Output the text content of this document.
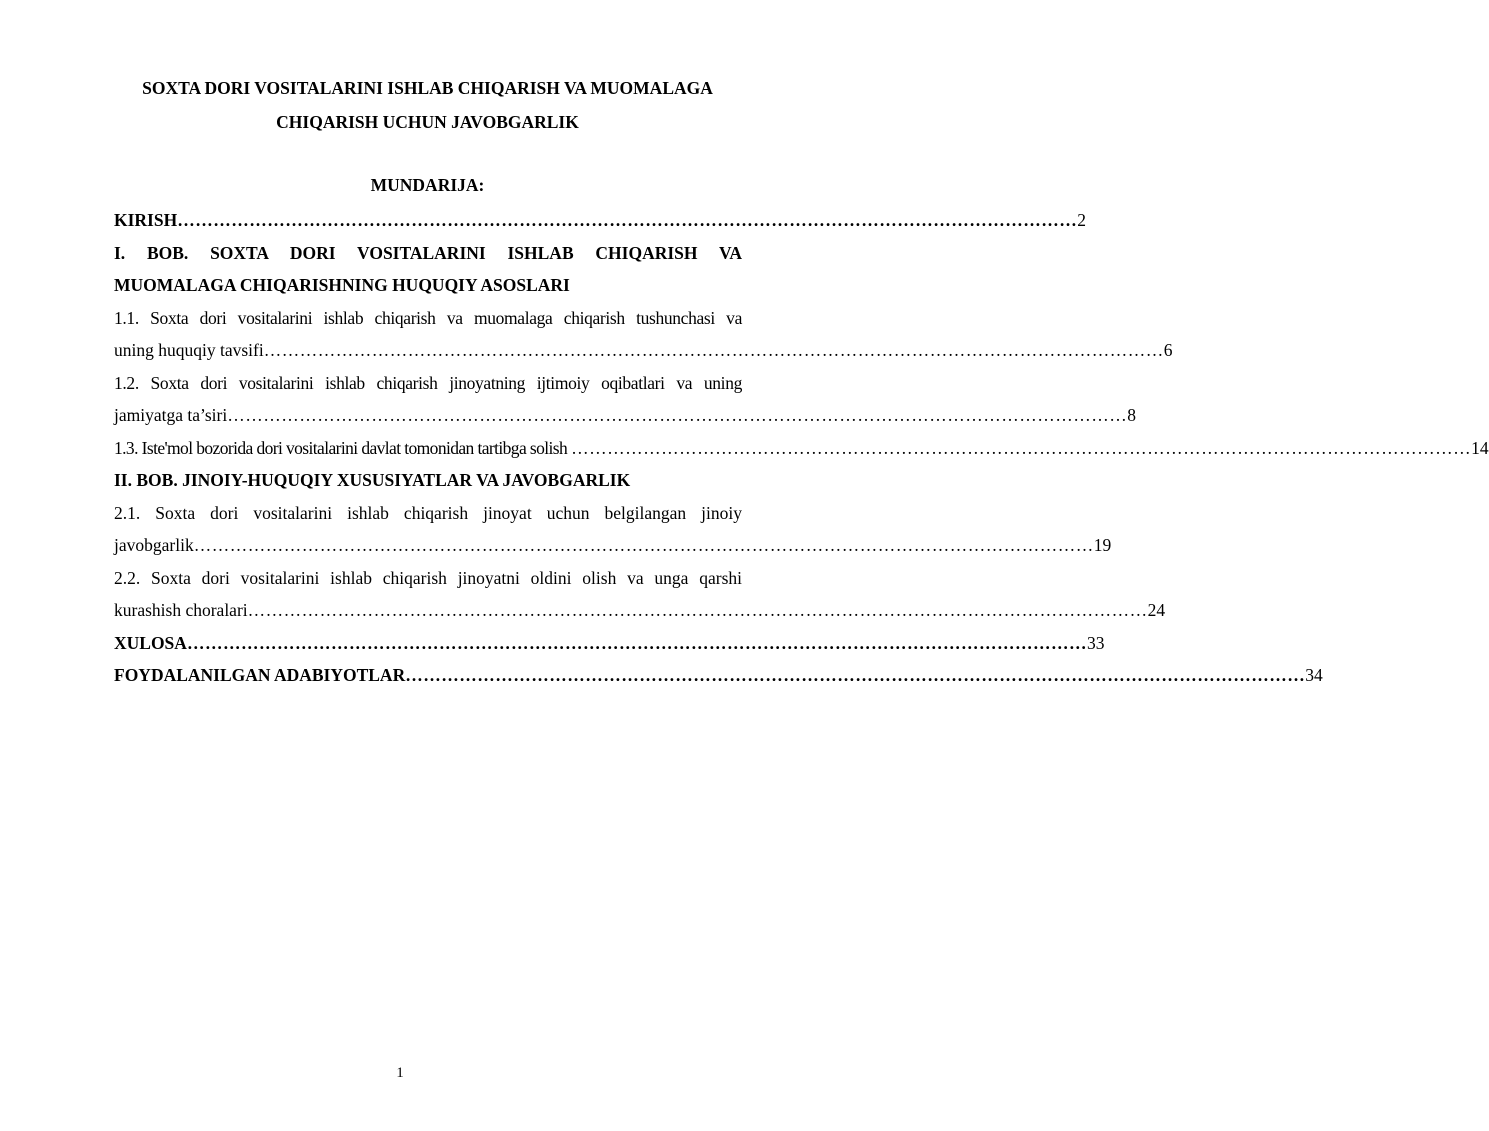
SOXTA DORI VOSITALARINI ISHLAB CHIQARISH VA MUOMALAGA
CHIQARISH UCHUN JAVOBGARLIK
MUNDARIJA:
KIRISH …………………………………………………………………………………………………………………………………… 2
I. BOB. SOXTA DORI VOSITALARINI ISHLAB CHIQARISH VA
MUOMALAGA CHIQARISHNING HUQUQIY ASOSLARI
1.1. Soxta dori vositalarini ishlab chiqarish va muomalaga chiqarish tushunchasi va
uning huquqiy tavsifi …………………………………………………………………………………………………………………………………… 6
1.2. Soxta dori vositalarini ishlab chiqarish jinoyatning ijtimoiy oqibatlari va uning
jamiyatga ta’siri …………………………………………………………………………………………………………………………………… 8
1.3. Iste'mol bozorida dori vositalarini davlat tomonidan tartibga solish …………………………………………………………………………………………………………………………………… 14
II. BOB. JINOIY-HUQUQIY XUSUSIYATLAR VA JAVOBGARLIK
2.1. Soxta dori vositalarini ishlab chiqarish jinoyat uchun belgilangan jinoiy
javobgarlik …………………………………………………………………………………………………………………………………… 19
2.2. Soxta dori vositalarini ishlab chiqarish jinoyatni oldini olish va unga qarshi
kurashish choralari …………………………………………………………………………………………………………………………………… 24
XULOSA …………………………………………………………………………………………………………………………………… 33
FOYDALANILGAN ADABIYOTLAR …………………………………………………………………………………………………………………………………… 34
1
